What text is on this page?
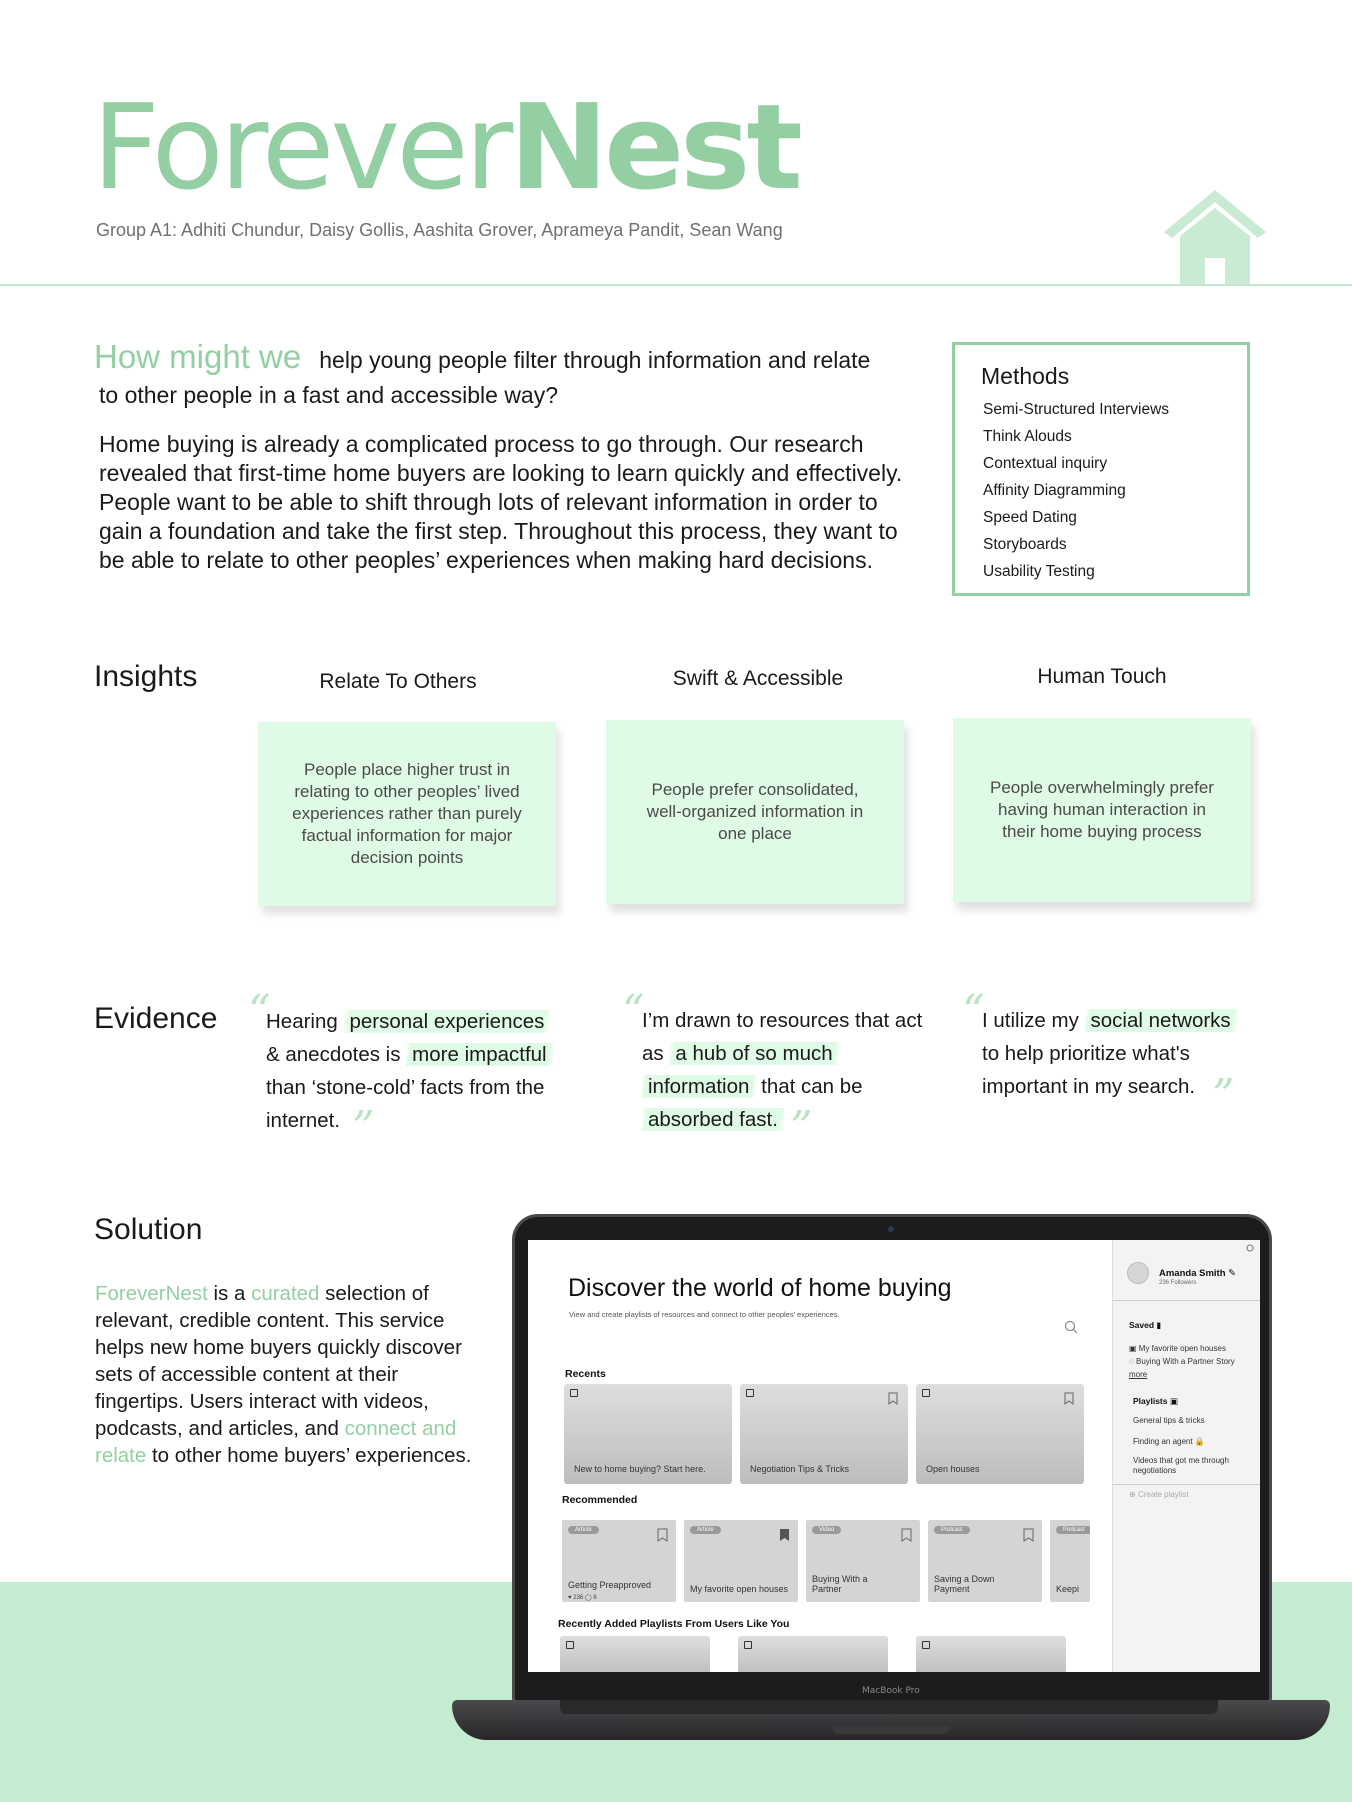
ForeverNest
Group A1: Adhiti Chundur, Daisy Gollis, Aashita Grover, Aprameya Pandit, Sean Wang
How might we help young people filter through information and relate
to other people in a fast and accessible way?
Home buying is already a complicated process to go through. Our research revealed that first-time home buyers are looking to learn quickly and effectively. People want to be able to shift through lots of relevant information in order to gain a foundation and take the first step. Throughout this process, they want to be able to relate to other peoples’ experiences when making hard decisions.
Methods
Semi-Structured Interviews
Think Alouds
Contextual inquiry
Affinity Diagramming
Speed Dating
Storyboards
Usability Testing
Insights	Relate To Others	Swift & Accessible	Human Touch
People place higher trust in relating to other peoples’ lived experiences rather than purely factual information for major decision points
People prefer consolidated, well-organized information in one place
People overwhelmingly prefer having human interaction in their home buying process
Evidence “
Hearing personal experiences & anecdotes is more impactful than ‘stone-cold’ facts from the internet. ”
“
I’m drawn to resources that act as a hub of so much information that can be absorbed fast. ”
“
I utilize my social networks to help prioritize what's important in my search. ”
Solution
ForeverNest is a curated selection of relevant, credible content. This service helps new home buyers quickly discover sets of accessible content at their fingertips. Users interact with videos, podcasts, and articles, and connect and relate to other home buyers’ experiences.
Discover the world of home buying
View and create playlists of resources and connect to other peoples' experiences.
Recents
New to home buying? Start here.	Negotiation Tips & Tricks	Open houses
Recommended
Article
Getting Preapproved
♥ 236 ◯ 6
Article
My favorite open houses
Video
Buying With a Partner
Podcast
Saving a Down Payment
Podcast
Keepi
Recently Added Playlists From Users Like You
Amanda Smith ✎
236 Followers
Saved ▮
▣ My favorite open houses
◌ Buying With a Partner Story
more
Playlists ▣
General tips & tricks
Finding an agent 🔒
Videos that got me through negotiations
⊕ Create playlist
MacBook Pro
